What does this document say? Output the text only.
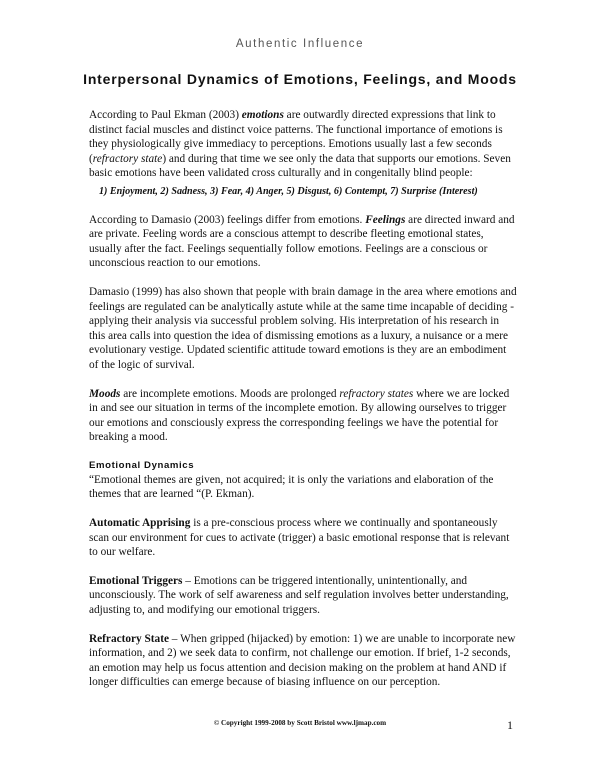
Authentic Influence
Interpersonal Dynamics of Emotions, Feelings, and Moods

According to Paul Ekman (2003) emotions are outwardly directed expressions that link to distinct facial muscles and distinct voice patterns. The functional importance of emotions is they physiologically give immediacy to perceptions. Emotions usually last a few seconds (refractory state) and during that time we see only the data that supports our emotions. Seven basic emotions have been validated cross culturally and in congenitally blind people:

1) Enjoyment, 2) Sadness, 3) Fear, 4) Anger, 5) Disgust, 6) Contempt, 7) Surprise (Interest)

According to Damasio (2003) feelings differ from emotions. Feelings are directed inward and are private. Feeling words are a conscious attempt to describe fleeting emotional states, usually after the fact. Feelings sequentially follow emotions. Feelings are a conscious or unconscious reaction to our emotions.

Damasio (1999) has also shown that people with brain damage in the area where emotions and feelings are regulated can be analytically astute while at the same time incapable of deciding - applying their analysis via successful problem solving. His interpretation of his research in this area calls into question the idea of dismissing emotions as a luxury, a nuisance or a mere evolutionary vestige. Updated scientific attitude toward emotions is they are an embodiment of the logic of survival.

Moods are incomplete emotions. Moods are prolonged refractory states where we are locked in and see our situation in terms of the incomplete emotion. By allowing ourselves to trigger our emotions and consciously express the corresponding feelings we have the potential for breaking a mood.

Emotional Dynamics

“Emotional themes are given, not acquired; it is only the variations and elaboration of the themes that are learned “(P. Ekman).

Automatic Apprising is a pre-conscious process where we continually and spontaneously scan our environment for cues to activate (trigger) a basic emotional response that is relevant to our welfare.

Emotional Triggers – Emotions can be triggered intentionally, unintentionally, and unconsciously. The work of self awareness and self regulation involves better understanding, adjusting to, and modifying our emotional triggers.

Refractory State – When gripped (hijacked) by emotion: 1) we are unable to incorporate new information, and 2) we seek data to confirm, not challenge our emotion. If brief, 1-2 seconds, an emotion may help us focus attention and decision making on the problem at hand AND if longer difficulties can emerge because of biasing influence on our perception.

© Copyright 1999-2008 by Scott Bristol www.ljmap.com	1
